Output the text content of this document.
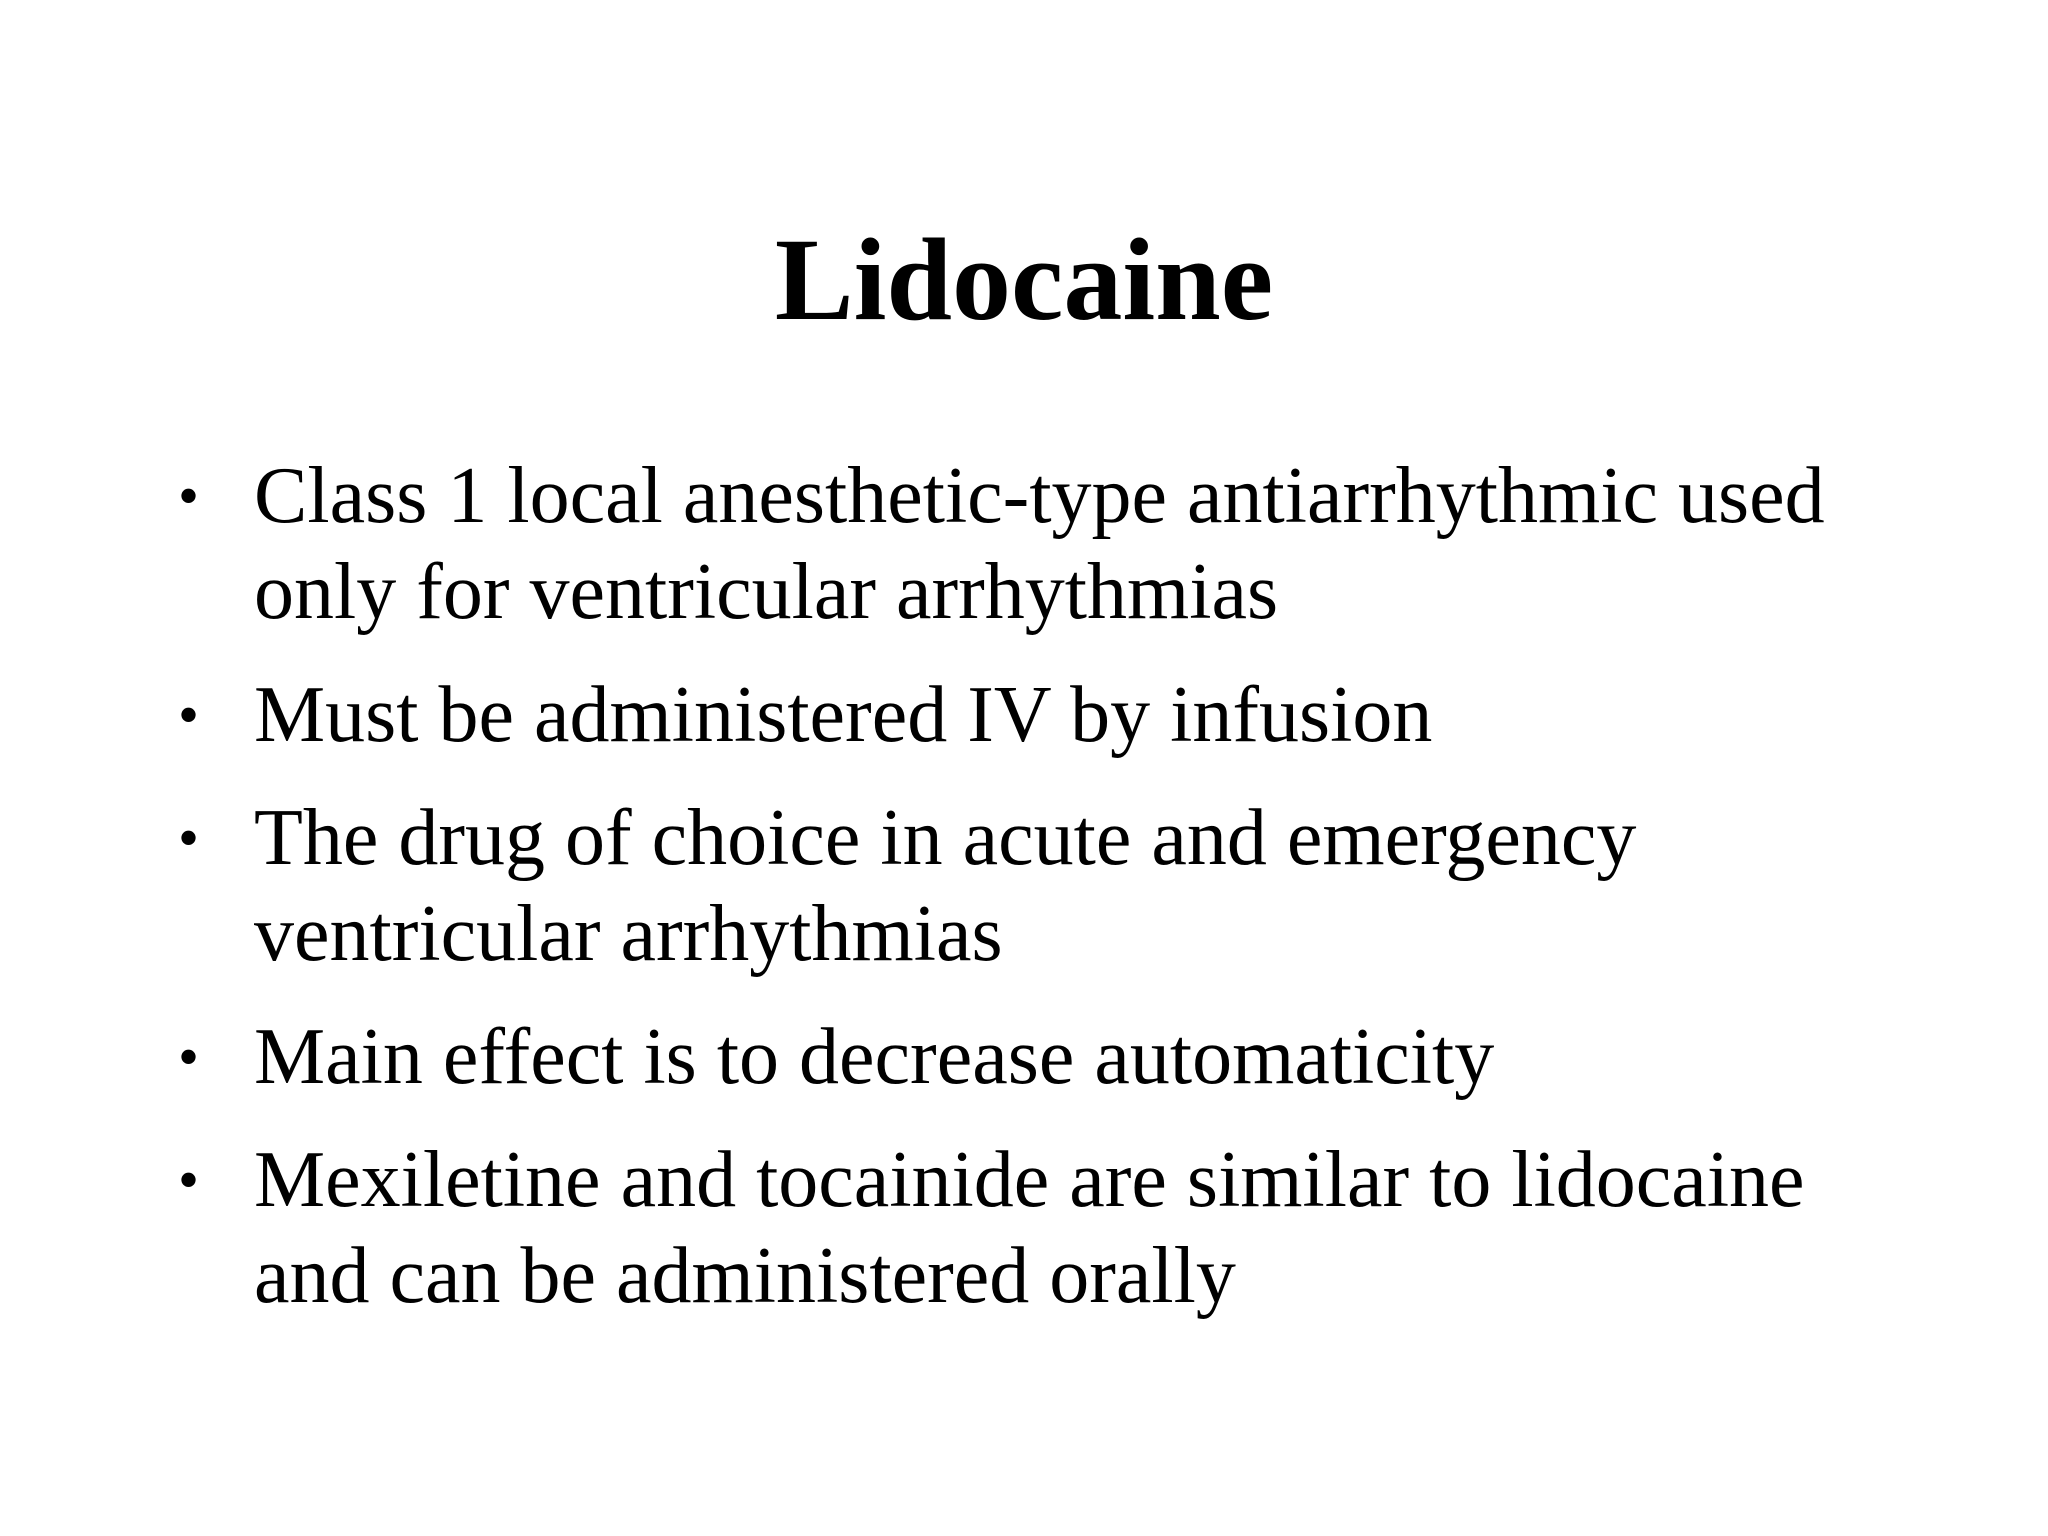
Lidocaine
• Class 1 local anesthetic-type antiarrhythmic used only for ventricular arrhythmias
• Must be administered IV by infusion
• The drug of choice in acute and emergency ventricular arrhythmias
• Main effect is to decrease automaticity
• Mexiletine and tocainide are similar to lidocaine and can be administered orally
